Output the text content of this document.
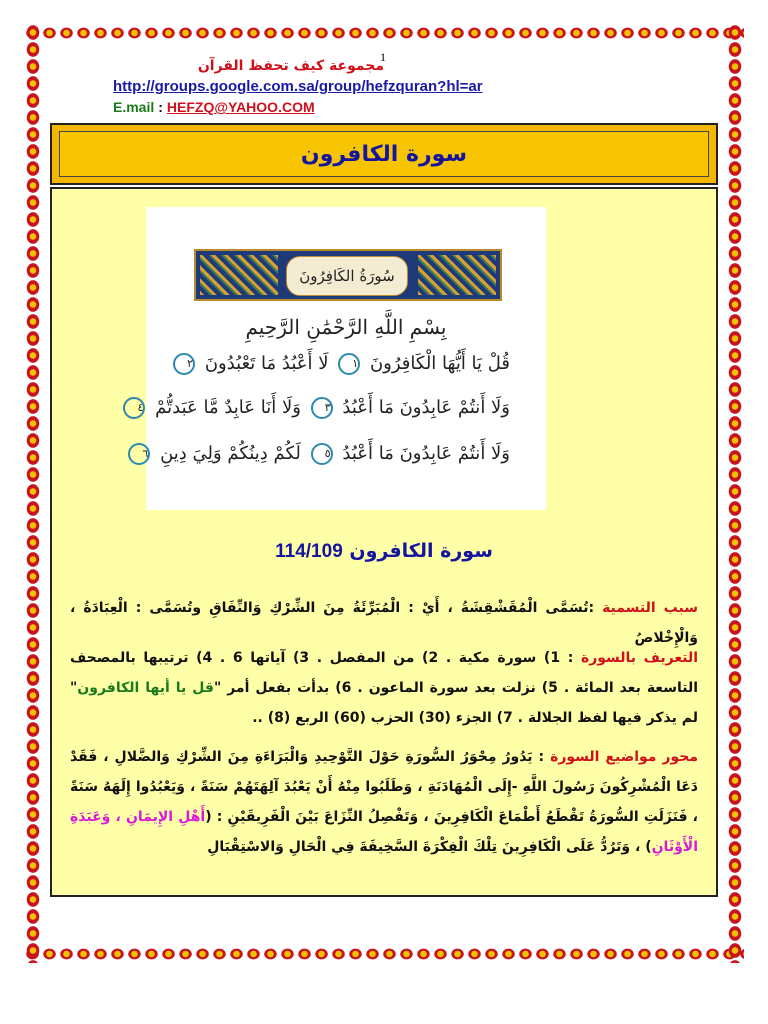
1
مجموعة كيف تحفظ القرآن
http://groups.google.com.sa/group/hefzquran?hl=ar
E.mail : HEFZQ@YAHOO.COM
سورة الكافرون
سُورَةُ الكَافِرُونَ
بِسْمِ اللَّهِ الرَّحْمَٰنِ الرَّحِيمِ
قُلْ يَا أَيُّهَا الْكَافِرُونَ ١ لَا أَعْبُدُ مَا تَعْبُدُونَ ٢
وَلَا أَنتُمْ عَابِدُونَ مَا أَعْبُدُ ٣ وَلَا أَنَا عَابِدٌ مَّا عَبَدتُّمْ ٤
وَلَا أَنتُمْ عَابِدُونَ مَا أَعْبُدُ ٥ لَكُمْ دِينُكُمْ وَلِيَ دِينِ ٦
سورة الكافرون 114/109
سبب التسمية :تُسَمَّى الْمُقَشْقِشَةُ ، أَيْ : الْمُبَرِّئَةُ مِنَ الشِّرْكِ وَالنِّفَاقِ وتُسَمَّى : الْعِبَادَةُ ، وَالْإِخْلاصُ
التعريف بالسورة : 1) سورة مكية . 2) من المفصل . 3) آياتها 6 . 4) ترتيبها بالمصحف التاسعة بعد المائة . 5) نزلت بعد سورة الماعون . 6) بدأت بفعل أمر "قل يا أيها الكافرون" لم يذكر فيها لفظ الجلالة . 7) الجزء (30) الحزب (60) الربع (8) ..
محور مواضيع السورة : يَدُورُ مِحْوَرُ السُّورَةِ حَوْلَ التَّوْحِيدِ وَالْبَرَاءَةِ مِنَ الشِّرْكِ وَالضَّلالِ ، فَقَدْ دَعَا الْمُشْرِكُونَ رَسُولَ اللَّهِ -إِلَى الْمُهَادَنَةِ ، وَطَلَبُوا مِنْهُ أَنْ يَعْبُدَ آلِهَتَهُمْ سَنَةً ، وَيَعْبُدُوا إِلَهَهُ سَنَةً ، فَنَزَلَتِ السُّورَةُ تَقْطَعُ أَطْمَاعَ الْكَافِرِينَ ، وَتَفْصِلُ النِّزَاعَ بَيْنَ الْفَرِيقَيْنِ : (أَهْلِ الإِيمَانِ ، وَعَبَدَةِ الْأَوْثَانِ) ، وَتَرُدُّ عَلَى الْكَافِرِينَ تِلْكَ الْفِكْرَةَ السَّخِيفَةَ فِي الْحَالِ وَالاسْتِقْبَالِ
